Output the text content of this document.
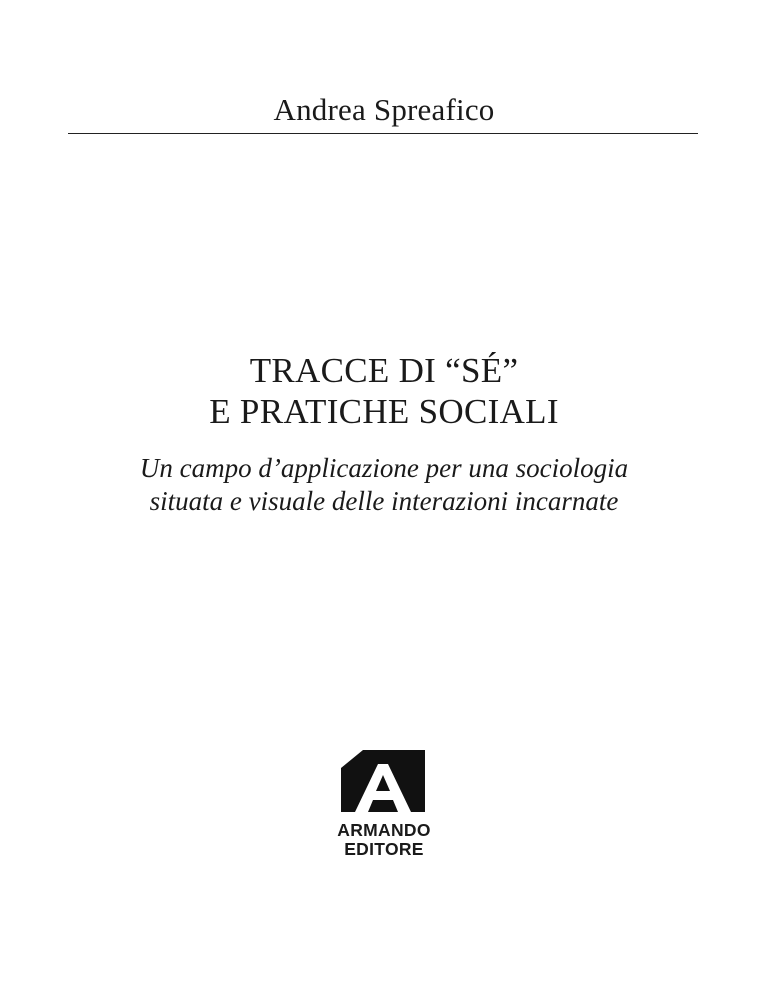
Andrea Spreafico
TRACCE DI “SÉ”
E PRATICHE SOCIALI
Un campo d’applicazione per una sociologia
situata e visuale delle interazioni incarnate
ARMANDO
EDITORE
